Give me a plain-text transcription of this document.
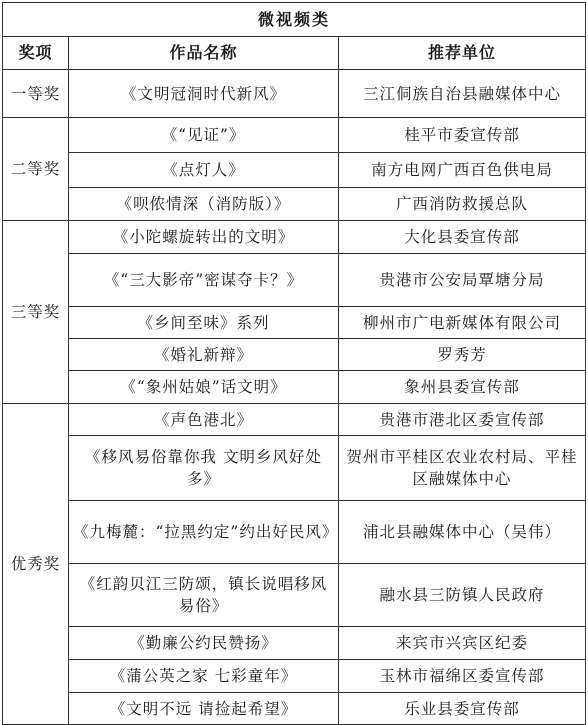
微视频类		
奖项	作品名称	推荐单位
一等奖	《文明冠洞时代新风》	三江侗族自治县融媒体中心
二等奖	《“见证”》	桂平市委宣传部
	《点灯人》	南方电网广西百色供电局
	《呗侬情深（消防版）》	广西消防救援总队
三等奖	《小陀螺旋转出的文明》	大化县委宣传部
	《“三大影帝”密谋夺卡？》	贵港市公安局覃塘分局
	《乡间至味》系列	柳州市广电新媒体有限公司
	《婚礼新辩》	罗秀芳
	《“象州姑娘”话文明》	象州县委宣传部
优秀奖	《声色港北》	贵港市港北区委宣传部
	《移风易俗靠你我 文明乡风好处多》	贺州市平桂区农业农村局、平桂区融媒体中心
	《九梅麓：“拉黑约定”约出好民风》	浦北县融媒体中心（吴伟）
	《红韵贝江三防颂，镇长说唱移风易俗》	融水县三防镇人民政府
	《勤廉公约民赞扬》	来宾市兴宾区纪委
	《蒲公英之家 七彩童年》	玉林市福绵区委宣传部
	《文明不远 请捡起希望》	乐业县委宣传部
